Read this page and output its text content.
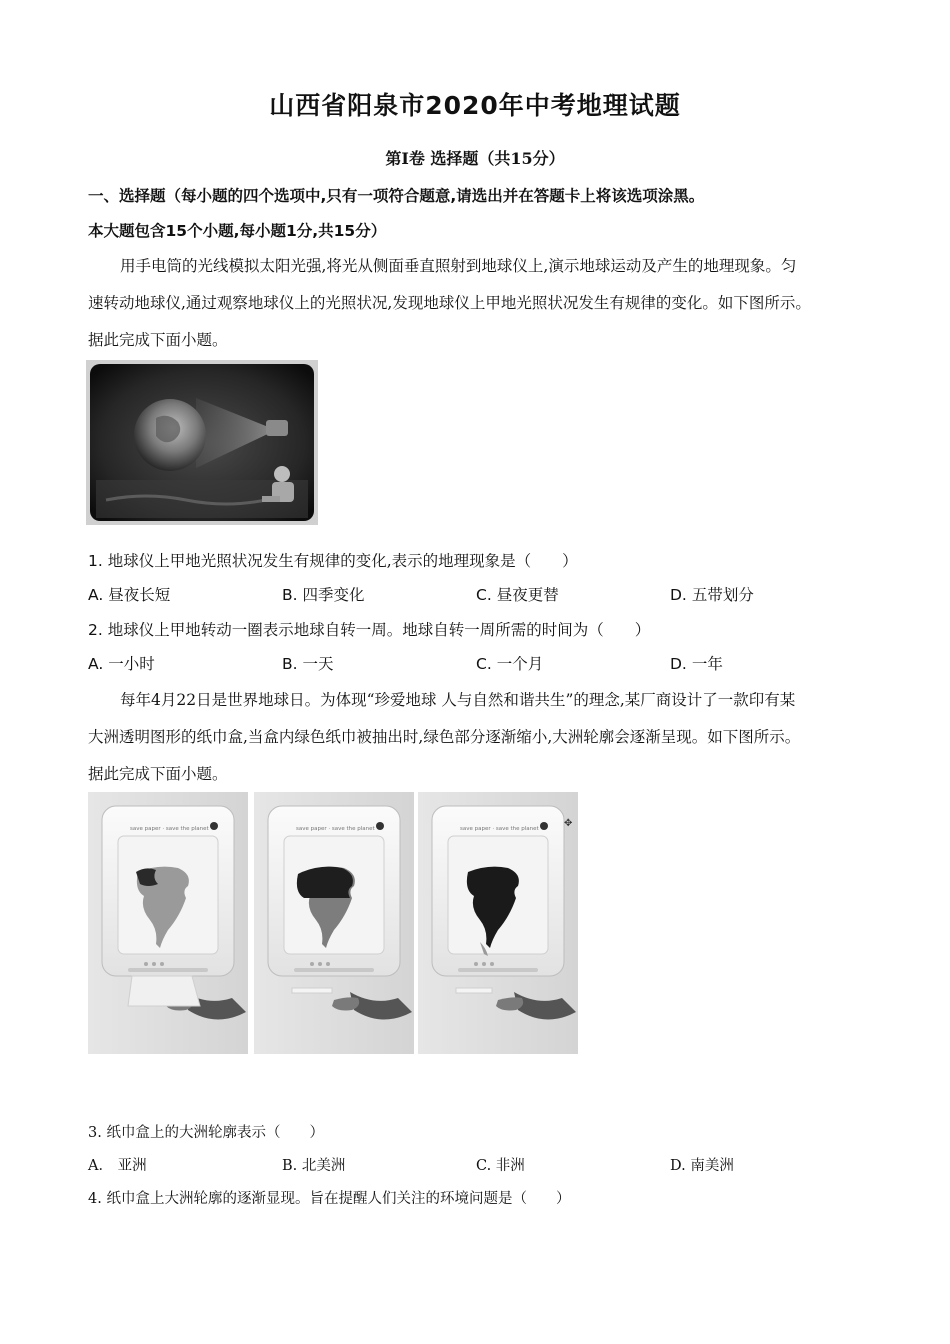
山西省阳泉市2020年中考地理试题
第Ⅰ卷 选择题（共15分）
一、选择题（每小题的四个选项中,只有一项符合题意,请选出并在答题卡上将该选项涂黑。
本大题包含15个小题,每小题1分,共15分）
用手电筒的光线模拟太阳光强,将光从侧面垂直照射到地球仪上,演示地球运动及产生的地理现象。匀
速转动地球仪,通过观察地球仪上的光照状况,发现地球仪上甲地光照状况发生有规律的变化。如下图所示。
据此完成下面小题。
1. 地球仪上甲地光照状况发生有规律的变化,表示的地理现象是（　　）
A. 昼夜长短	B. 四季变化	C. 昼夜更替	D. 五带划分
2. 地球仪上甲地转动一圈表示地球自转一周。地球自转一周所需的时间为（　　）
A. 一小时	B. 一天	C. 一个月	D. 一年
每年4月22日是世界地球日。为体现“珍爱地球 人与自然和谐共生”的理念,某厂商设计了一款印有某
大洲透明图形的纸巾盒,当盒内绿色纸巾被抽出时,绿色部分逐渐缩小,大洲轮廓会逐渐呈现。如下图所示。
据此完成下面小题。
✥
3. 纸巾盒上的大洲轮廓表示（　　）
A． 亚洲	B. 北美洲	C. 非洲	D. 南美洲
4. 纸巾盒上大洲轮廓的逐渐显现。旨在提醒人们关注的环境问题是（　　）
